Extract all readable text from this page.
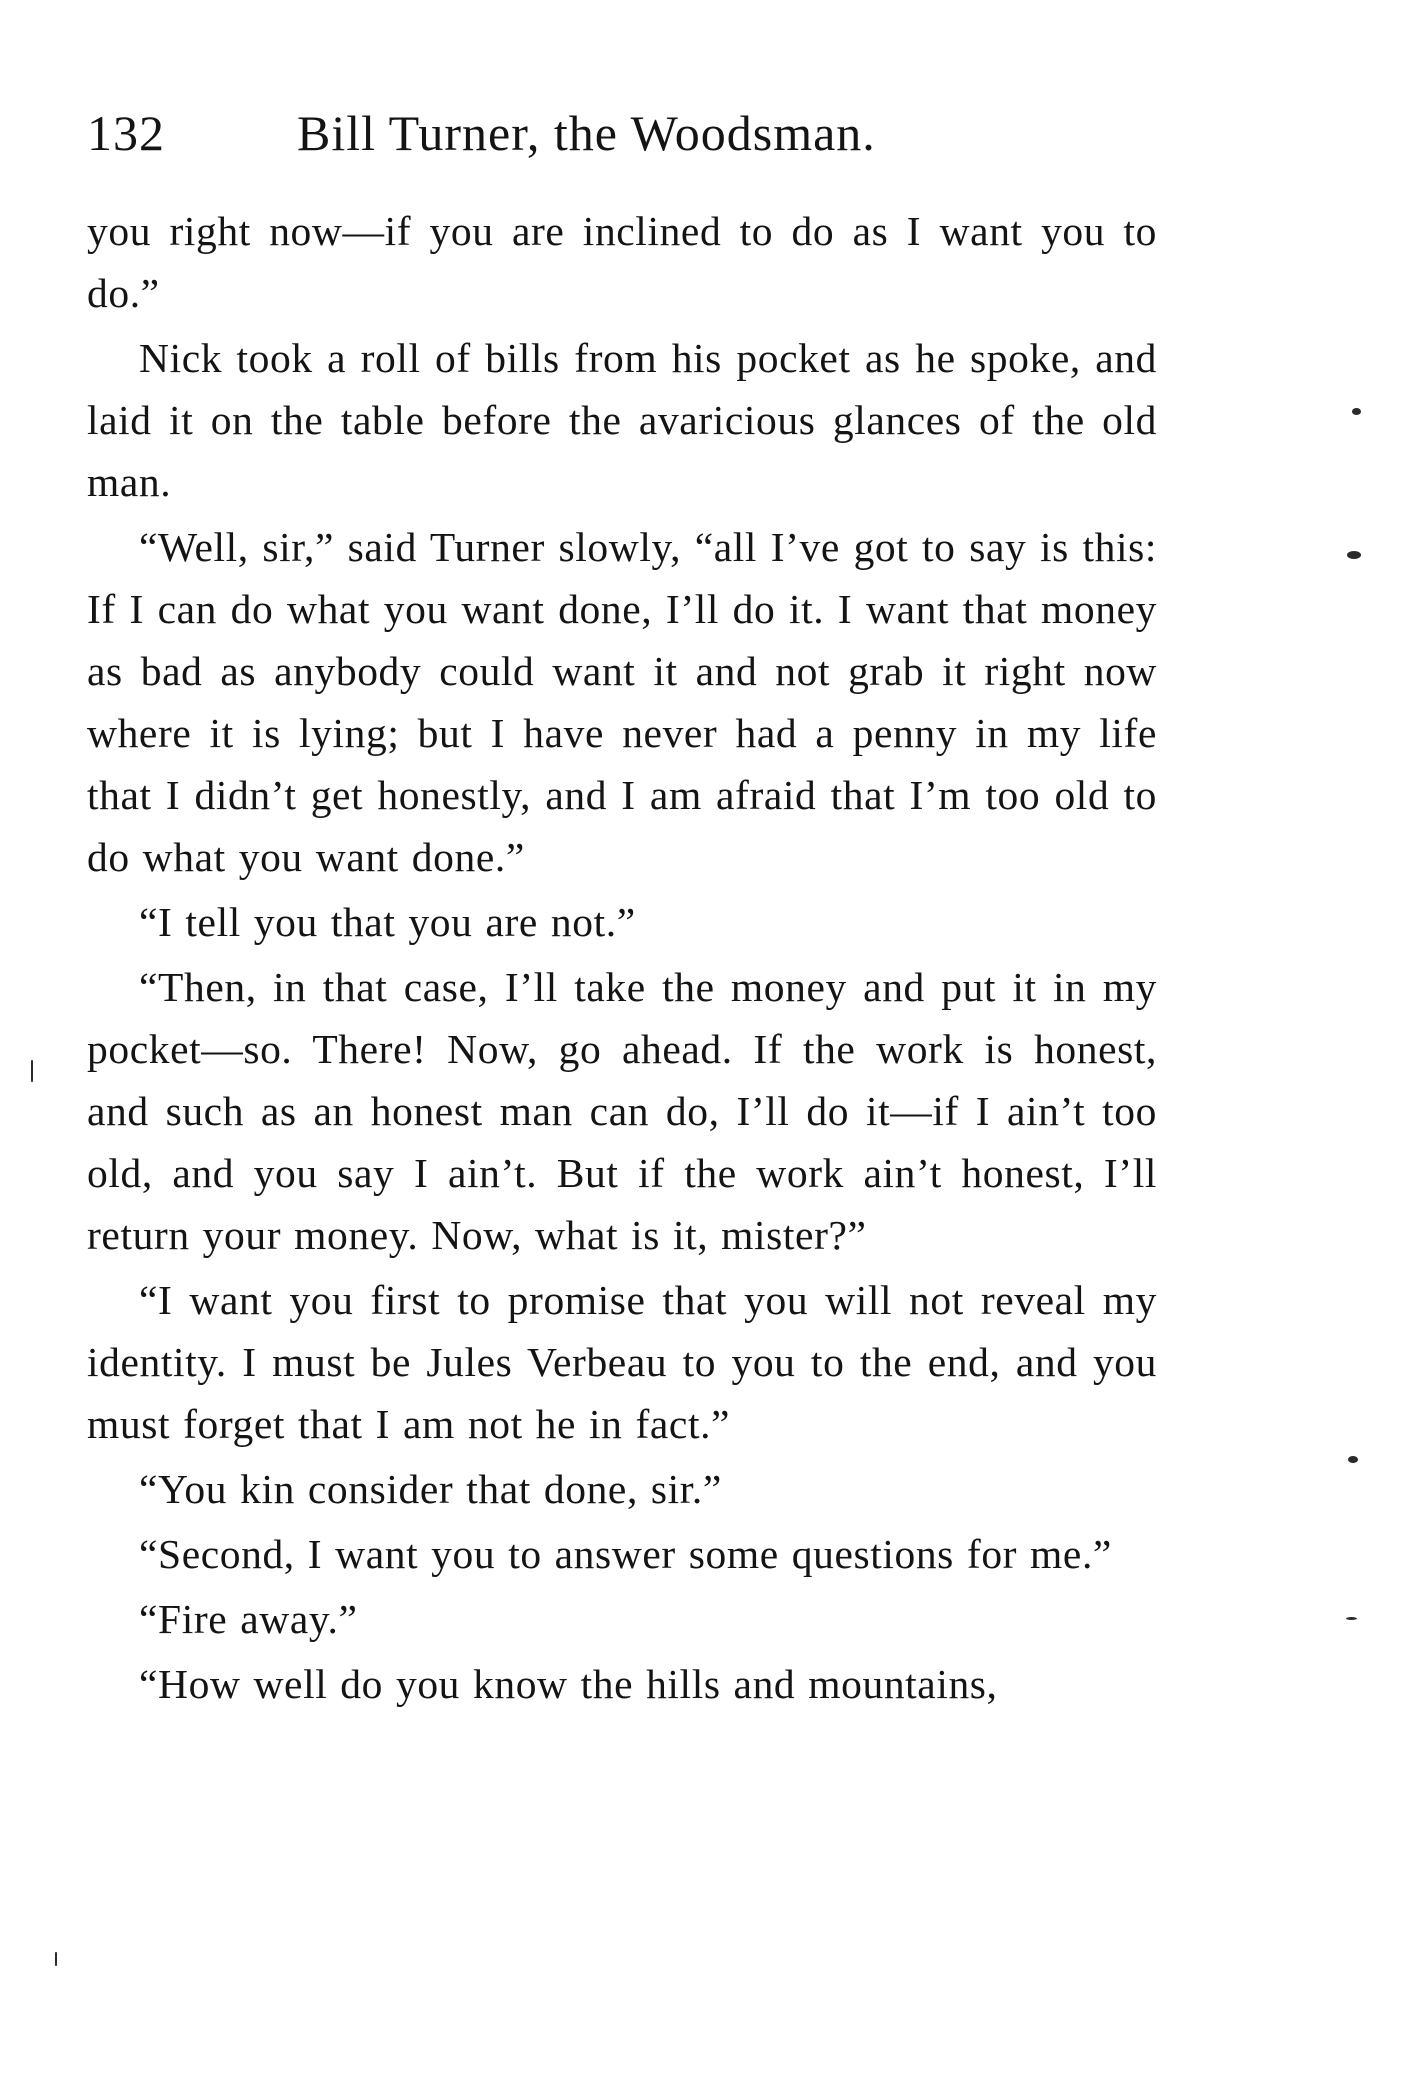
132	Bill Turner, the Woodsman.

you right now—if you are inclined to do as I want you to do.”

Nick took a roll of bills from his pocket as he spoke, and laid it on the table before the avaricious glances of the old man.

“Well, sir,” said Turner slowly, “all I’ve got to say is this: If I can do what you want done, I’ll do it. I want that money as bad as anybody could want it and not grab it right now where it is lying; but I have never had a penny in my life that I didn’t get honestly, and I am afraid that I’m too old to do what you want done.”

“I tell you that you are not.”

“Then, in that case, I’ll take the money and put it in my pocket—so. There! Now, go ahead. If the work is honest, and such as an honest man can do, I’ll do it—if I ain’t too old, and you say I ain’t. But if the work ain’t honest, I’ll return your money. Now, what is it, mister?”

“I want you first to promise that you will not reveal my identity. I must be Jules Verbeau to you to the end, and you must forget that I am not he in fact.”

“You kin consider that done, sir.”

“Second, I want you to answer some questions for me.”

“Fire away.”

“How well do you know the hills and mountains,
